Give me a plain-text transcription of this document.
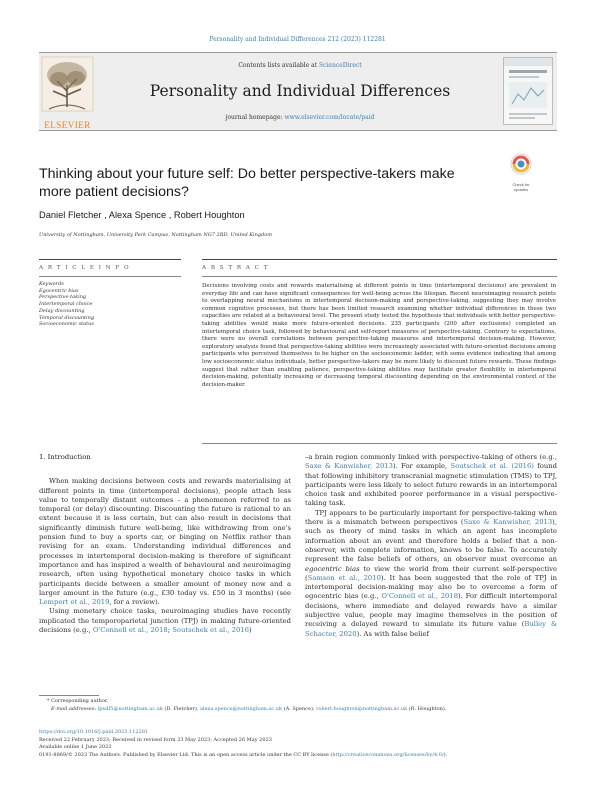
Personality and Individual Differences 212 (2023) 112281
ELSEVIER
Contents lists available at ScienceDirect
Personality and Individual Differences
journal homepage: www.elsevier.com/locate/paid
Thinking about your future self: Do better perspective-takers make more patient decisions?	Check for updates
Daniel Fletcher , Alexa Spence , Robert Houghton
University of Nottingham, University Park Campus, Nottingham NG7 2RD, United Kingdom
A R T I C L E I N F O	A B S T R A C T
Keywords
Egocentric bias
Perspective-taking
Intertemporal choice
Delay discounting
Temporal discounting
Socioeconomic status
Decisions involving costs and rewards materialising at different points in time (intertemporal decisions) are prevalent in everyday life and can have significant consequences for well-being across the lifespan. Recent neuroimaging research points to overlapping neural mechanisms in intertemporal decision-making and perspective-taking, suggesting they may involve common cognitive processes, but there has been limited research examining whether individual differences in these two capacities are related at a behavioural level. The present study tested the hypothesis that individuals with better perspective-taking abilities would make more future-oriented decisions. 235 participants (200 after exclusions) completed an intertemporal choice task, followed by behavioural and self-report measures of perspective-taking. Contrary to expectations, there were no overall correlations between perspective-taking measures and intertemporal decision-making. However, exploratory analysis found that perspective-taking abilities were increasingly associated with future-oriented decisions among participants who perceived themselves to be higher on the socioeconomic ladder, with some evidence indicating that among low socioeconomic status individuals, better perspective-takers may be more likely to discount future rewards. These findings suggest that rather than enabling patience, perspective-taking abilities may facilitate greater flexibility in intertemporal decision-making, potentially increasing or decreasing temporal discounting depending on the environmental context of the decision-maker.

1. Introduction

When making decisions between costs and rewards materialising at different points in time (intertemporal decisions), people attach less value to temporally distant outcomes – a phenomenon referred to as temporal (or delay) discounting. Discounting the future is rational to an extent because it is less certain, but can also result in decisions that significantly diminish future well-being, like withdrawing from one's pension fund to buy a sports car, or binging on Netflix rather than revising for an exam. Understanding individual differences and processes in intertemporal decision-making is therefore of significant importance and has inspired a wealth of behavioural and neuroimaging research, often using hypothetical monetary choice tasks in which participants decide between a smaller amount of money now and a larger amount in the future (e.g., £30 today vs. £50 in 3 months) (see Lempert et al., 2019, for a review).

Using monetary choice tasks, neuroimaging studies have recently implicated the temporoparietal junction (TPJ) in making future-oriented decisions (e.g., O'Connell et al., 2018; Soutschek et al., 2016)

–a brain region commonly linked with perspective-taking of others (e.g., Saxe & Kanwisher, 2013). For example, Soutschek et al. (2016) found that following inhibitory transcranial magnetic stimulation (TMS) to TPJ, participants were less likely to select future rewards in an intertemporal choice task and exhibited poorer performance in a visual perspective-taking task.

TPJ appears to be particularly important for perspective-taking when there is a mismatch between perspectives (Saxe & Kanwisher, 2013), such as theory of mind tasks in which an agent has incomplete information about an event and therefore holds a belief that a non-observer, with complete information, knows to be false. To accurately represent the false beliefs of others, an observer must overcome an egocentric bias to view the world from their current self-perspective (Samson et al., 2010). It has been suggested that the role of TPJ in intertemporal decision-making may also be to overcome a form of egocentric bias (e.g., O'Connell et al., 2018). For difficult intertemporal decisions, where immediate and delayed rewards have a similar subjective value, people may imagine themselves in the position of receiving a delayed reward to simulate its future value (Bulley & Schacter, 2020). As with false belief

* Corresponding author.
E-mail addresses: lpxdf5@nottingham.ac.uk (D. Fletcher), alexa.spence@nottingham.ac.uk (A. Spence), robert.houghton@nottingham.ac.uk (R. Houghton).
https://doi.org/10.1016/j.paid.2023.112281
Received 22 February 2023; Received in revised form 23 May 2023; Accepted 26 May 2023
Available online 1 June 2023
0191-8869/© 2023 The Authors. Published by Elsevier Ltd. This is an open access article under the CC BY license (http://creativecommons.org/licenses/by/4.0/).
